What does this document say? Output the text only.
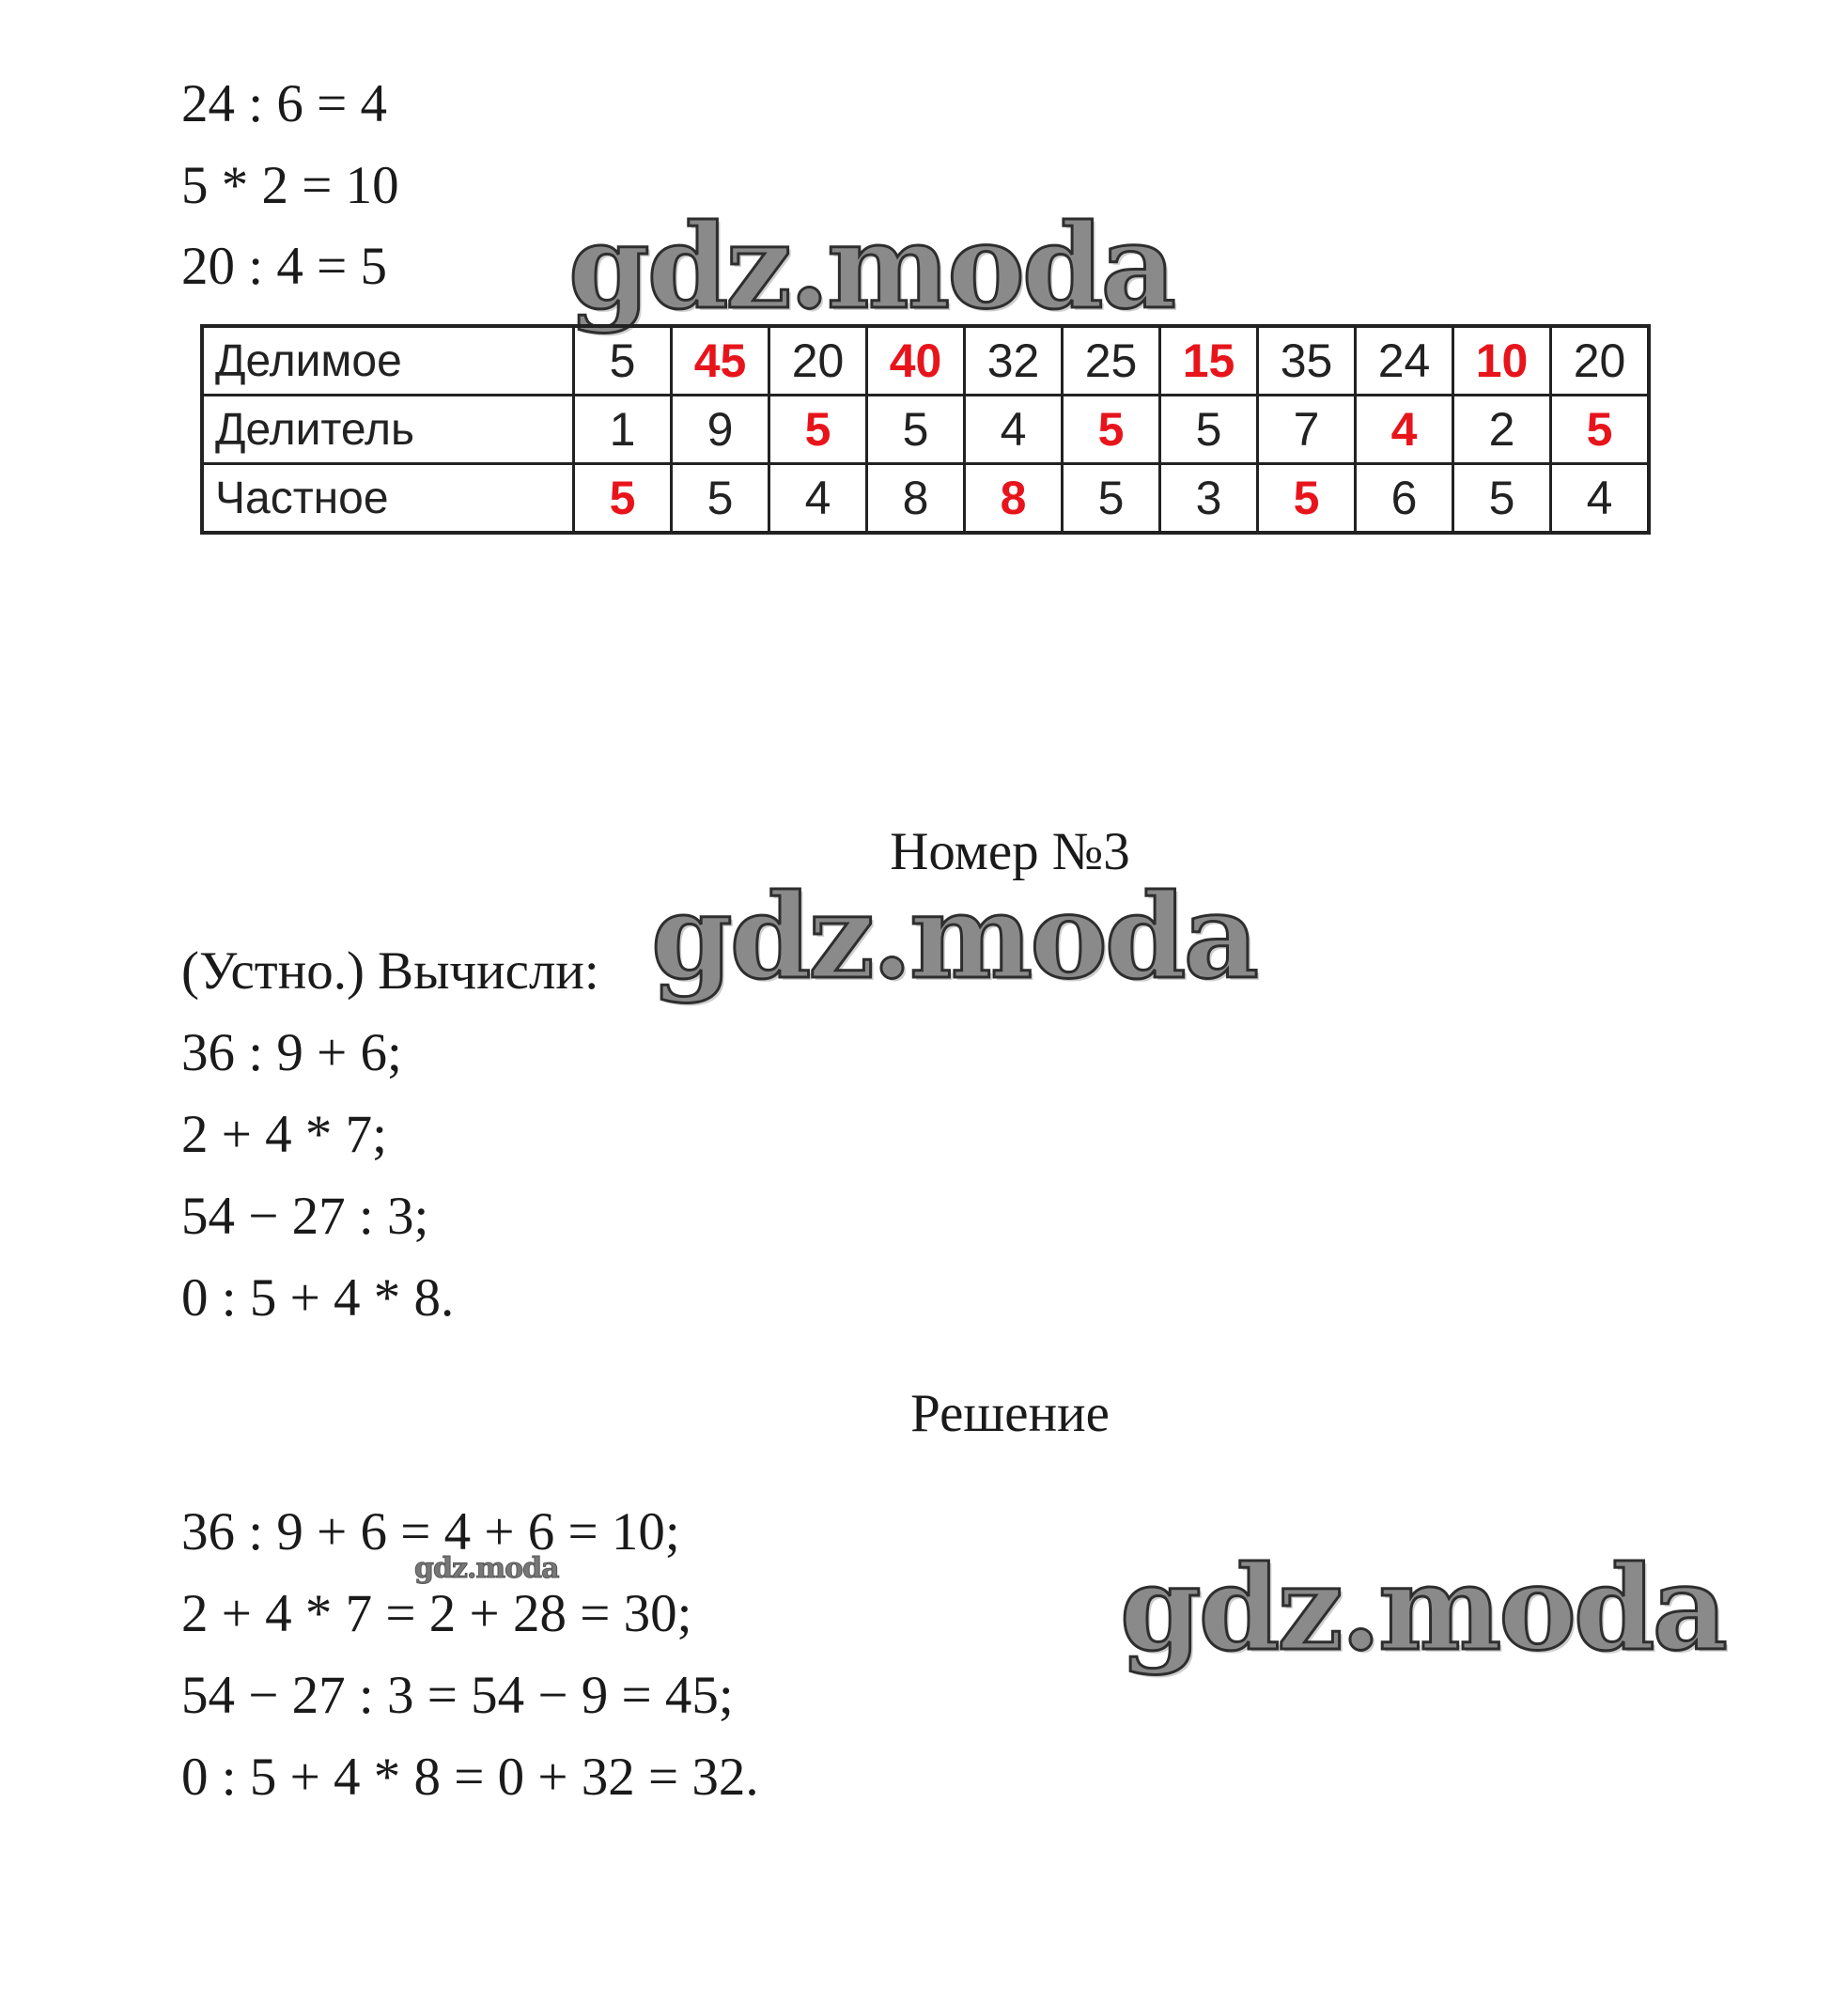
24 : 6 = 4
5 * 2 = 10
20 : 4 = 5 gdz.moda
Делимое	5	45	20	40	32	25	15	35	24	10	20
Делитель	1	9	5	5	4	5	5	7	4	2	5
Частное	5	5	4	8	8	5	3	5	6	5	4
Номер №3
gdz.moda
(Устно.) Вычисли:
36 : 9 + 6;
2 + 4 * 7;
54 − 27 : 3;
0 : 5 + 4 * 8.
Решение
36 : 9 + 6 = 4 + 6 = 10;
gdz.moda
2 + 4 * 7 = 2 + 28 = 30;	gdz.moda
54 − 27 : 3 = 54 − 9 = 45;
0 : 5 + 4 * 8 = 0 + 32 = 32.
